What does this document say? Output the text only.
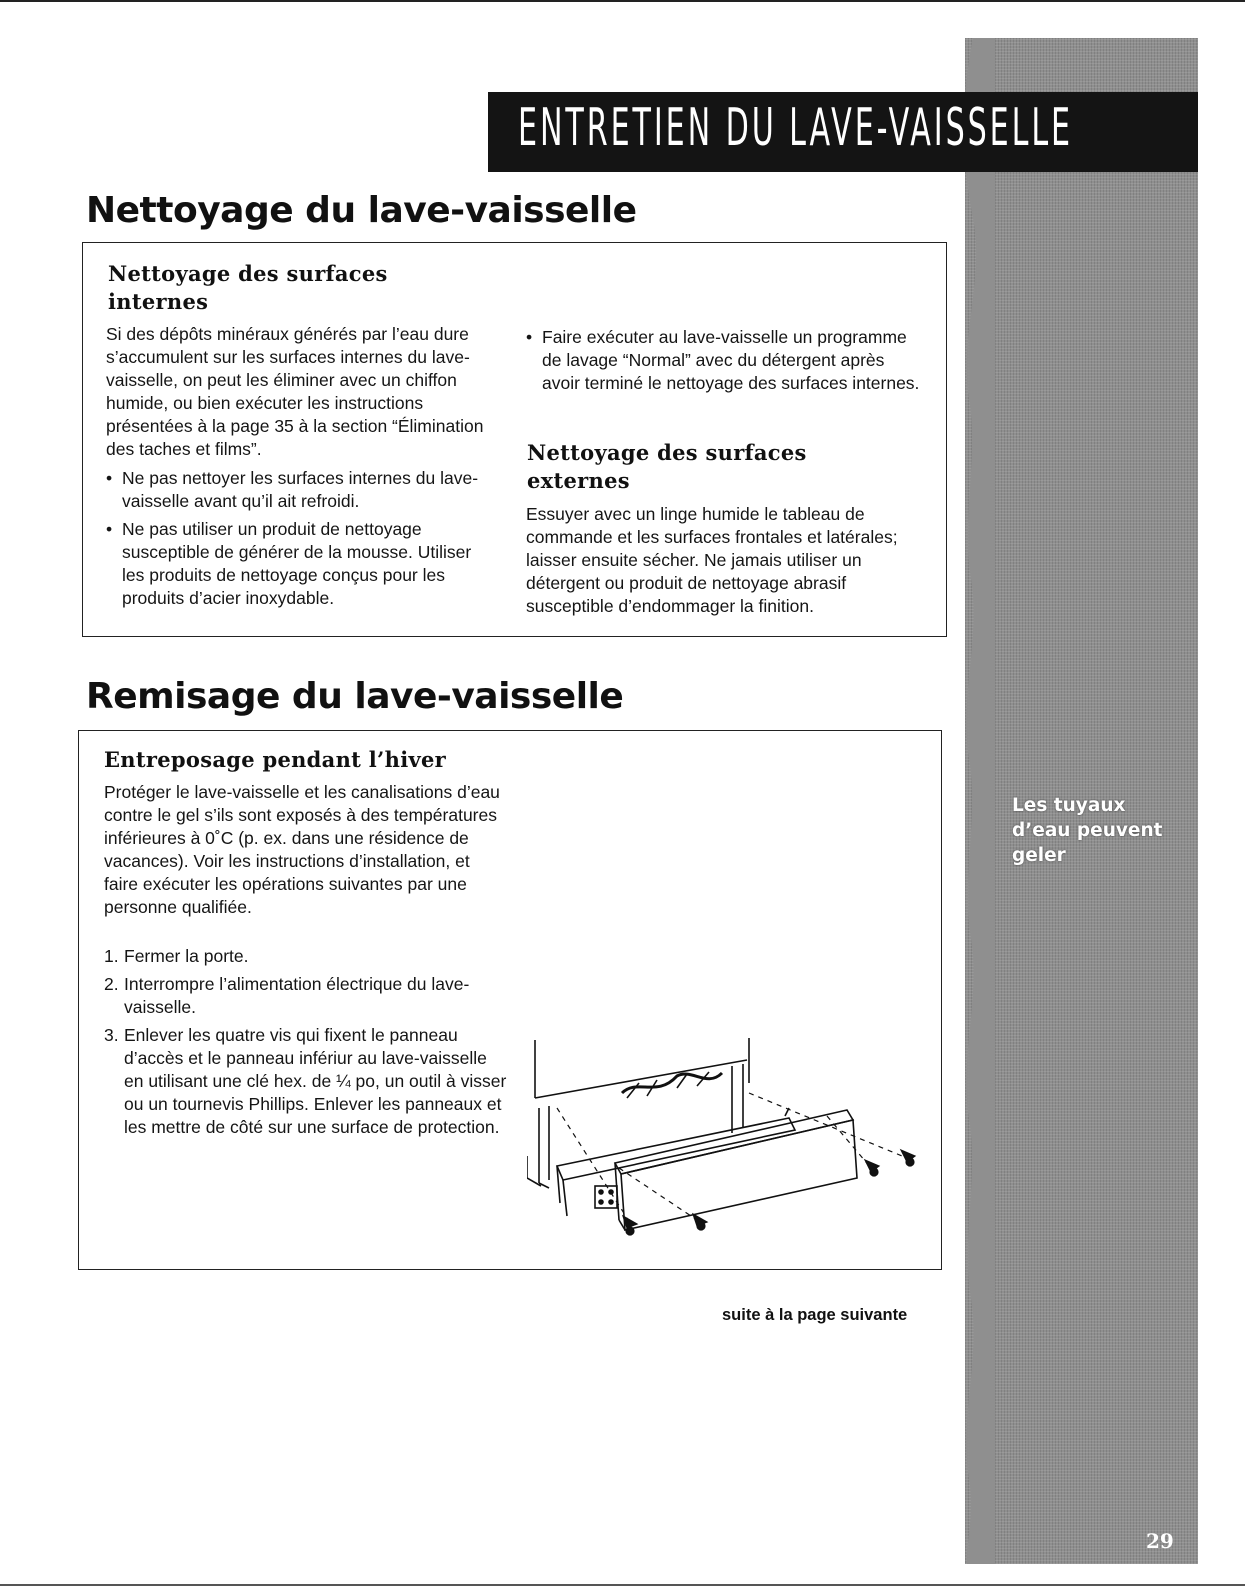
ENTRETIEN DU LAVE-VAISSELLE
Nettoyage du lave-vaisselle
Nettoyage des surfaces
internes

Si des dépôts minéraux générés par l’eau dure s’accumulent sur les surfaces internes du lave-vaisselle, on peut les éliminer avec un chiffon humide, ou bien exécuter les instructions présentées à la page 35 à la section “Élimination des taches et films”.

• Ne pas nettoyer les surfaces internes du lave-vaisselle avant qu’il ait refroidi.
• Ne pas utiliser un produit de nettoyage susceptible de générer de la mousse. Utiliser les produits de nettoyage conçus pour les produits d’acier inoxydable.
• Faire exécuter au lave-vaisselle un programme de lavage “Normal” avec du détergent après avoir terminé le nettoyage des surfaces internes.
Nettoyage des surfaces
externes

Essuyer avec un linge humide le tableau de commande et les surfaces frontales et latérales; laisser ensuite sécher. Ne jamais utiliser un détergent ou produit de nettoyage abrasif susceptible d’endommager la finition.

Remisage du lave-vaisselle
Entreposage pendant l’hiver

Protéger le lave-vaisselle et les canalisations d’eau contre le gel s’ils sont exposés à des températures inférieures à 0˚C (p. ex. dans une résidence de vacances). Voir les instructions d’installation, et faire exécuter les opérations suivantes par une personne qualifiée.

1. Fermer la porte.
2. Interrompre l’alimentation électrique du lave-vaisselle.
3. Enlever les quatre vis qui fixent le panneau d’accès et le panneau infériur au lave-vaisselle en utilisant une clé hex. de ¼ po, un outil à visser ou un tournevis Phillips. Enlever les panneaux et les mettre de côté sur une surface de protection.
suite à la page suivante
Les tuyaux
d’eau peuvent
geler
29
